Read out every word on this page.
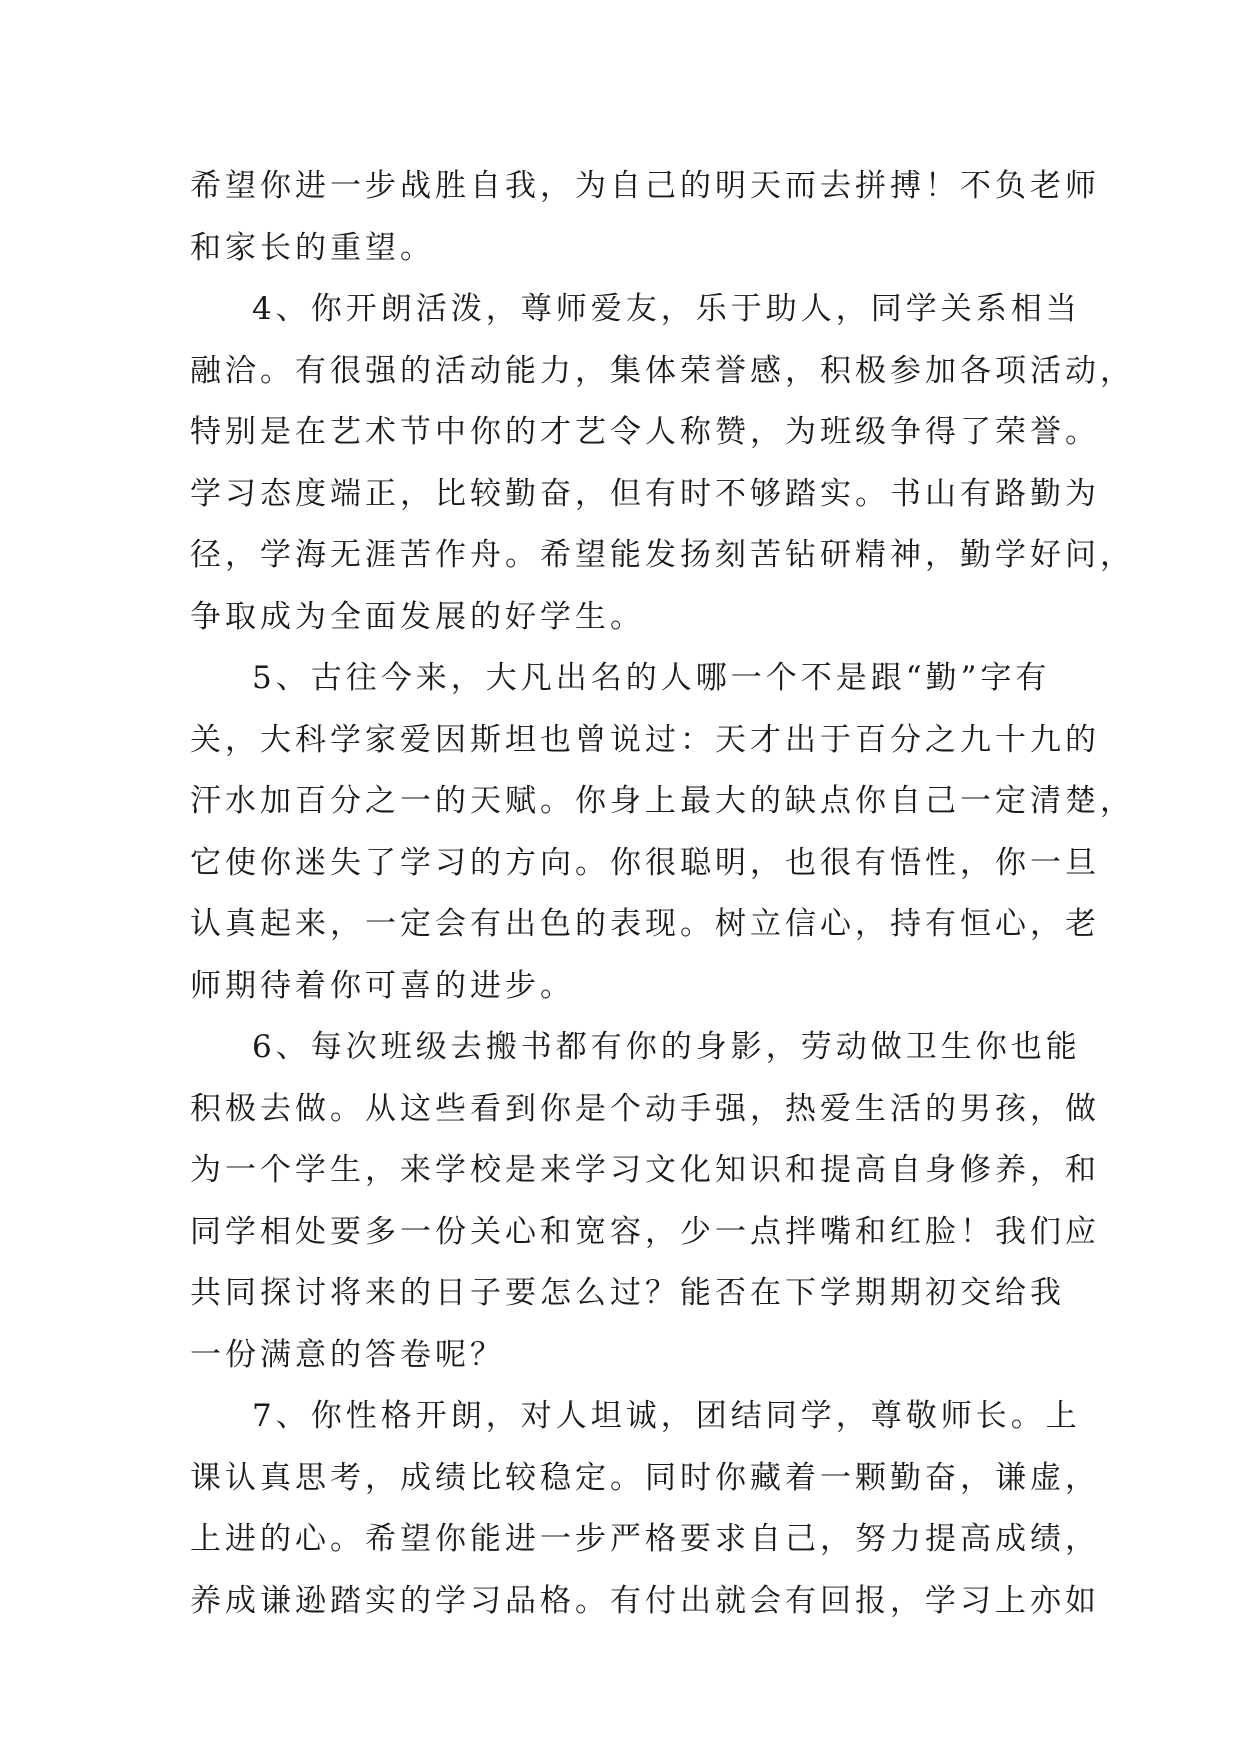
希望你进一步战胜自我，为自己的明天而去拼搏！不负老师
和家长的重望。
4、你开朗活泼，尊师爱友，乐于助人，同学关系相当
融洽。有很强的活动能力，集体荣誉感，积极参加各项活动，
特别是在艺术节中你的才艺令人称赞，为班级争得了荣誉。
学习态度端正，比较勤奋，但有时不够踏实。书山有路勤为
径，学海无涯苦作舟。希望能发扬刻苦钻研精神，勤学好问，
争取成为全面发展的好学生。
5、古往今来，大凡出名的人哪一个不是跟“勤”字有
关，大科学家爱因斯坦也曾说过：天才出于百分之九十九的
汗水加百分之一的天赋。你身上最大的缺点你自己一定清楚，
它使你迷失了学习的方向。你很聪明，也很有悟性，你一旦
认真起来，一定会有出色的表现。树立信心，持有恒心，老
师期待着你可喜的进步。
6、每次班级去搬书都有你的身影，劳动做卫生你也能
积极去做。从这些看到你是个动手强，热爱生活的男孩，做
为一个学生，来学校是来学习文化知识和提高自身修养，和
同学相处要多一份关心和宽容，少一点拌嘴和红脸！我们应
共同探讨将来的日子要怎么过？能否在下学期期初交给我
一份满意的答卷呢？
7、你性格开朗，对人坦诚，团结同学，尊敬师长。上
课认真思考，成绩比较稳定。同时你藏着一颗勤奋，谦虚，
上进的心。希望你能进一步严格要求自己，努力提高成绩，
养成谦逊踏实的学习品格。有付出就会有回报，学习上亦如
